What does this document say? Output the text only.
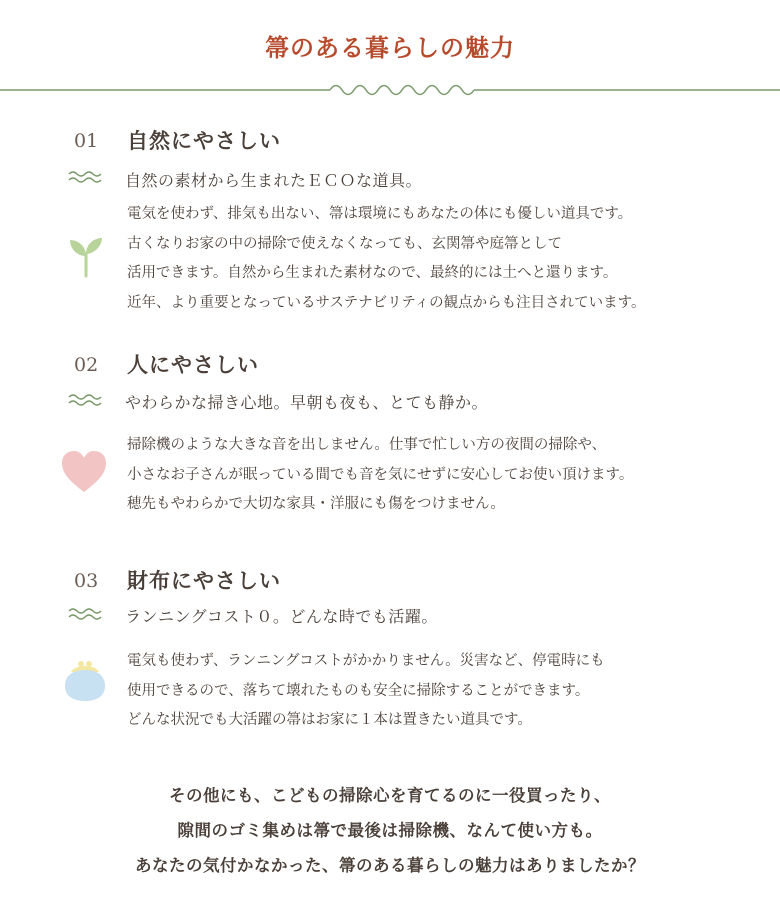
箒のある暮らしの魅力
01 自然にやさしい
自然の素材から生まれたＥＣＯな道具。
電気を使わず、排気も出ない、箒は環境にもあなたの体にも優しい道具です。
古くなりお家の中の掃除で使えなくなっても、玄関箒や庭箒として
活用できます。自然から生まれた素材なので、最終的には土へと還ります。
近年、より重要となっているサステナビリティの観点からも注目されています。
02 人にやさしい
やわらかな掃き心地。早朝も夜も、とても静か。
掃除機のような大きな音を出しません。仕事で忙しい方の夜間の掃除や、
小さなお子さんが眠っている間でも音を気にせずに安心してお使い頂けます。
穂先もやわらかで大切な家具・洋服にも傷をつけません。
03 財布にやさしい
ランニングコスト０。どんな時でも活躍。
電気も使わず、ランニングコストがかかりません。災害など、停電時にも
使用できるので、落ちて壊れたものも安全に掃除することができます。
どんな状況でも大活躍の箒はお家に１本は置きたい道具です。
その他にも、こどもの掃除心を育てるのに一役買ったり、
隙間のゴミ集めは箒で最後は掃除機、なんて使い方も。
あなたの気付かなかった、箒のある暮らしの魅力はありましたか？
